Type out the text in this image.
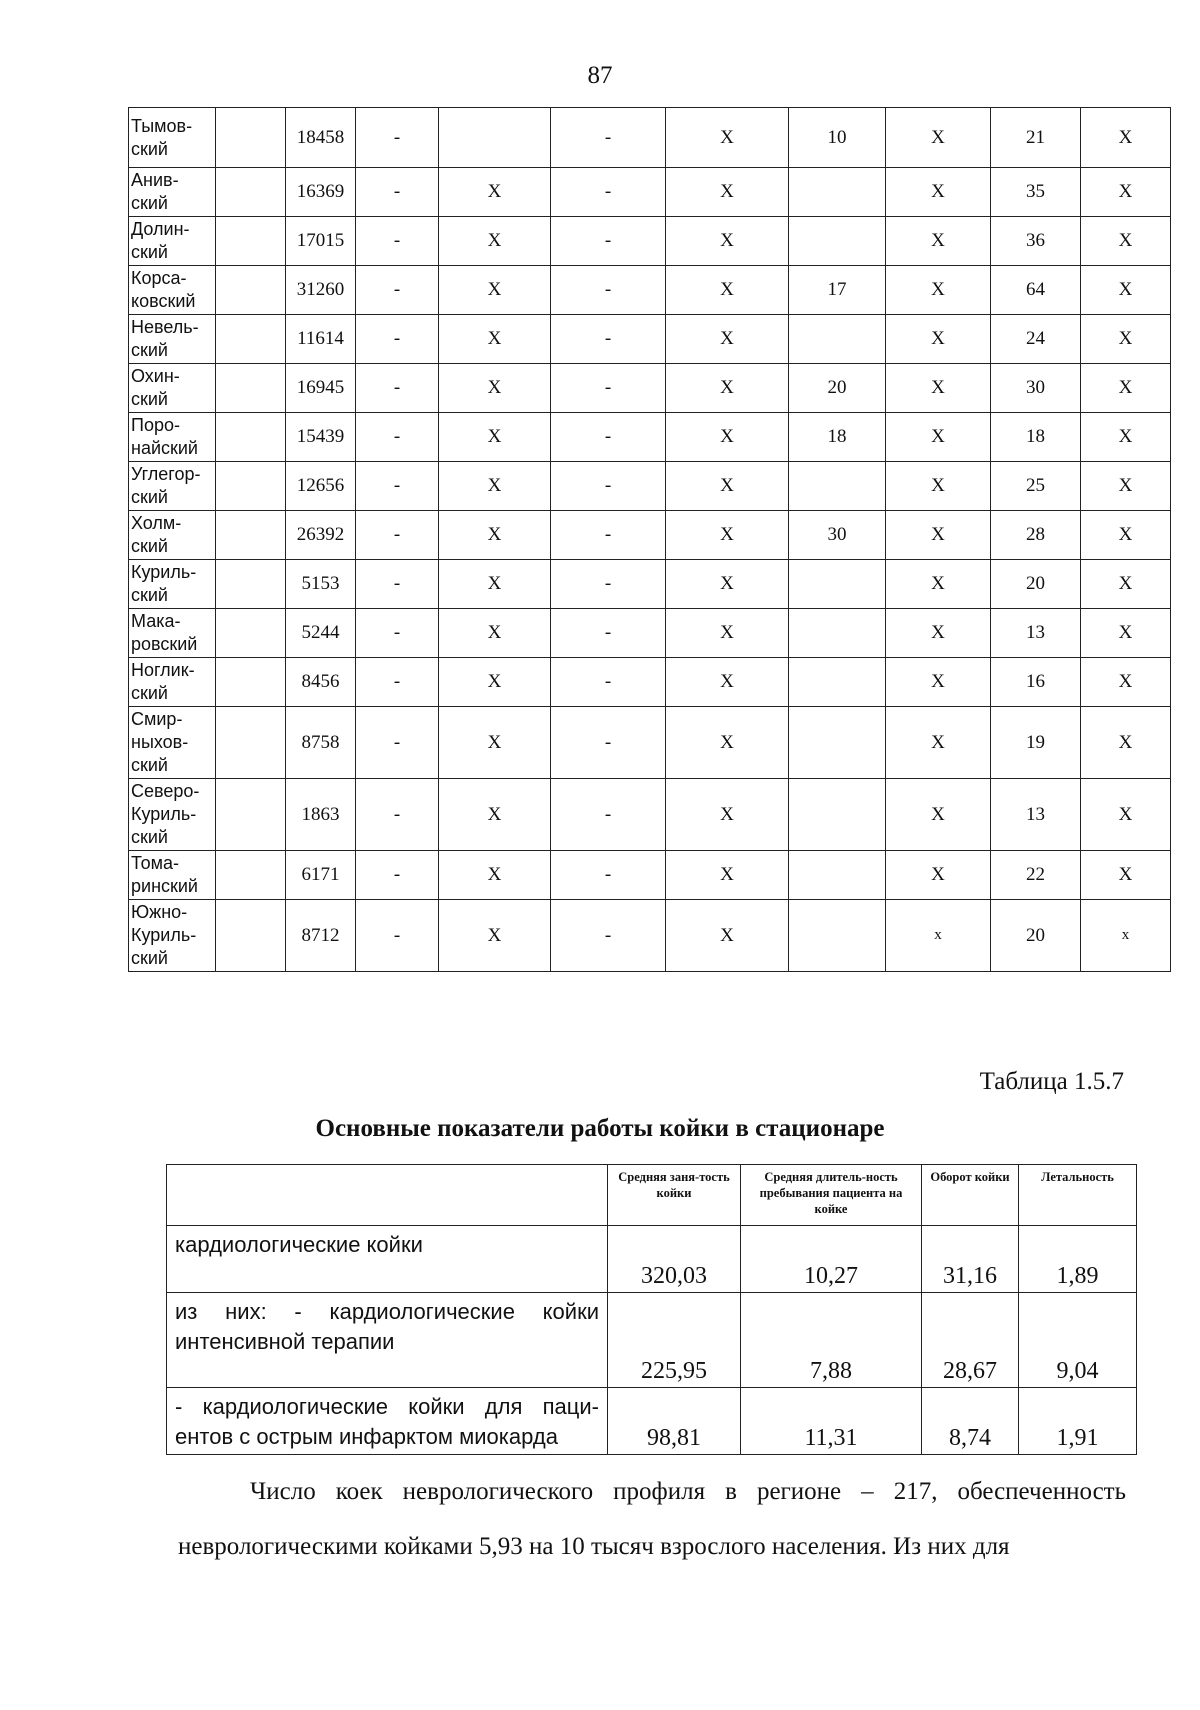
87
Тымов-ский		18458	-		-	X	10	X	21	X
Анив-ский		16369	-	X	-	X		X	35	X
Долин-ский		17015	-	X	-	X		X	36	X
Корса-ковский		31260	-	X	-	X	17	X	64	X
Невель-ский		11614	-	X	-	X		X	24	X
Охин-ский		16945	-	X	-	X	20	X	30	X
Поро-найский		15439	-	X	-	X	18	X	18	X
Углегор-ский		12656	-	X	-	X		X	25	X
Холм-ский		26392	-	X	-	X	30	X	28	X
Куриль-ский		5153	-	X	-	X		X	20	X
Мака-ровский		5244	-	X	-	X		X	13	X
Ноглик-ский		8456	-	X	-	X		X	16	X
Смир-ныхов-ский		8758	-	X	-	X		X	19	X
Северо-Куриль-ский		1863	-	X	-	X		X	13	X
Тома-ринский		6171	-	X	-	X		X	22	X
Южно-Куриль-ский		8712	-	X	-	X		x	20	x
Таблица 1.5.7
Основные показатели работы койки в стационаре
	Средняя заня-тость койки	Средняя длитель-ность пребывания пациента на койке	Оборот койки	Летальность
кардиологические койки	320,03	10,27	31,16	1,89
из них: - кардиологические койки интенсивной терапии	225,95	7,88	28,67	9,04
- кардиологические койки для паци-ентов с острым инфарктом миокарда	98,81	11,31	8,74	1,91
Число коек неврологического профиля в регионе – 217, обеспеченность
неврологическими койками 5,93 на 10 тысяч взрослого населения. Из них для
